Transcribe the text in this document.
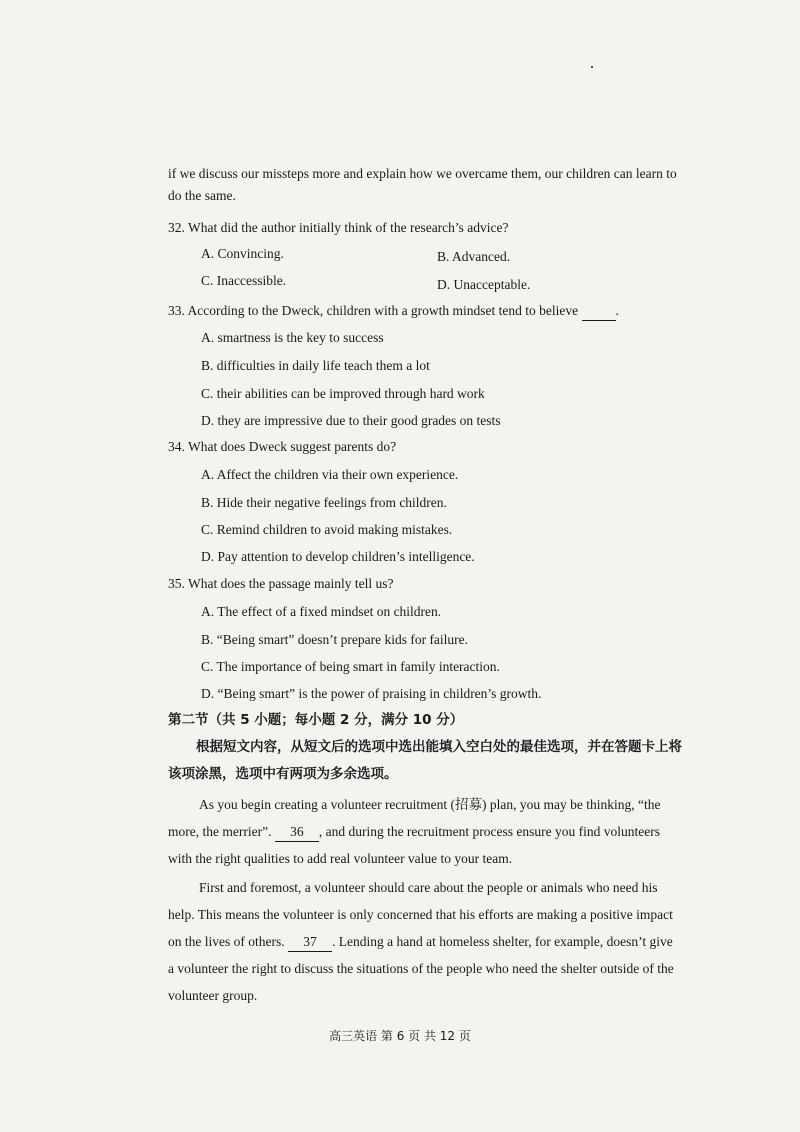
if we discuss our missteps more and explain how we overcame them, our children can learn to
do the same.
32. What did the author initially think of the research’s advice?
A. Convincing.	B. Advanced.
C. Inaccessible.	D. Unacceptable.
33. According to the Dweck, children with a growth mindset tend to believe	.
A. smartness is the key to success
B. difficulties in daily life teach them a lot
C. their abilities can be improved through hard work
D. they are impressive due to their good grades on tests
34. What does Dweck suggest parents do?
A. Affect the children via their own experience.
B. Hide their negative feelings from children.
C. Remind children to avoid making mistakes.
D. Pay attention to develop children’s intelligence.
35. What does the passage mainly tell us?
A. The effect of a fixed mindset on children.
B. “Being smart” doesn’t prepare kids for failure.
C. The importance of being smart in family interaction.
D. “Being smart” is the power of praising in children’s growth.
第二节（共 5 小题；每小题 2 分，满分 10 分）
根据短文内容，从短文后的选项中选出能填入空白处的最佳选项，并在答题卡上将
该项涂黑，选项中有两项为多余选项。
As you begin creating a volunteer recruitment (招募) plan, you may be thinking, “the
more, the merrier”. 36 , and during the recruitment process ensure you find volunteers
with the right qualities to add real volunteer value to your team.
First and foremost, a volunteer should care about the people or animals who need his
help. This means the volunteer is only concerned that his efforts are making a positive impact
on the lives of others. 37 . Lending a hand at homeless shelter, for example, doesn’t give
a volunteer the right to discuss the situations of the people who need the shelter outside of the
volunteer group.
高三英语 第 6 页 共 12 页
